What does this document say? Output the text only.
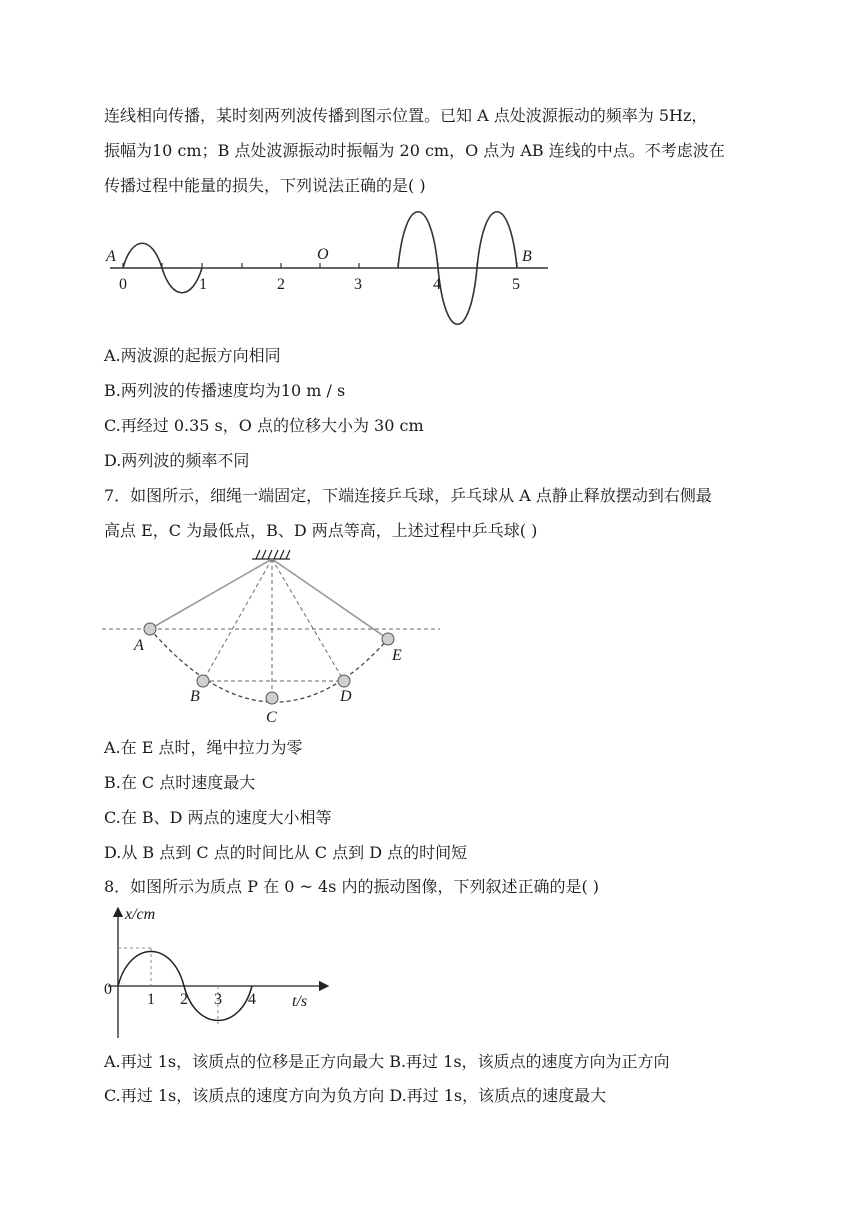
连线相向传播，某时刻两列波传播到图示位置。已知 A 点处波源振动的频率为 5Hz，
振幅为10 cm；B 点处波源振动时振幅为 20 cm，O 点为 AB 连线的中点。不考虑波在
传播过程中能量的损失，下列说法正确的是( )
A	O	B
0	1	2	3	4	5
A.两波源的起振方向相同
B.两列波的传播速度均为10 m / s
C.再经过 0.35 s，O 点的位移大小为 30 cm
D.两列波的频率不同
7．如图所示，细绳一端固定，下端连接乒乓球，乒乓球从 A 点静止释放摆动到右侧最
高点 E，C 为最低点，B、D 两点等高，上述过程中乒乓球( )
A
B
C
D
E
A.在 E 点时，绳中拉力为零
B.在 C 点时速度最大
C.在 B、D 两点的速度大小相等
D.从 B 点到 C 点的时间比从 C 点到 D 点的时间短
8．如图所示为质点 P 在 0 ~ 4s 内的振动图像，下列叙述正确的是( )
x/cm
t/s
0
1 2 3 4
A.再过 1s，该质点的位移是正方向最大 B.再过 1s，该质点的速度方向为正方向
C.再过 1s，该质点的速度方向为负方向 D.再过 1s，该质点的速度最大
